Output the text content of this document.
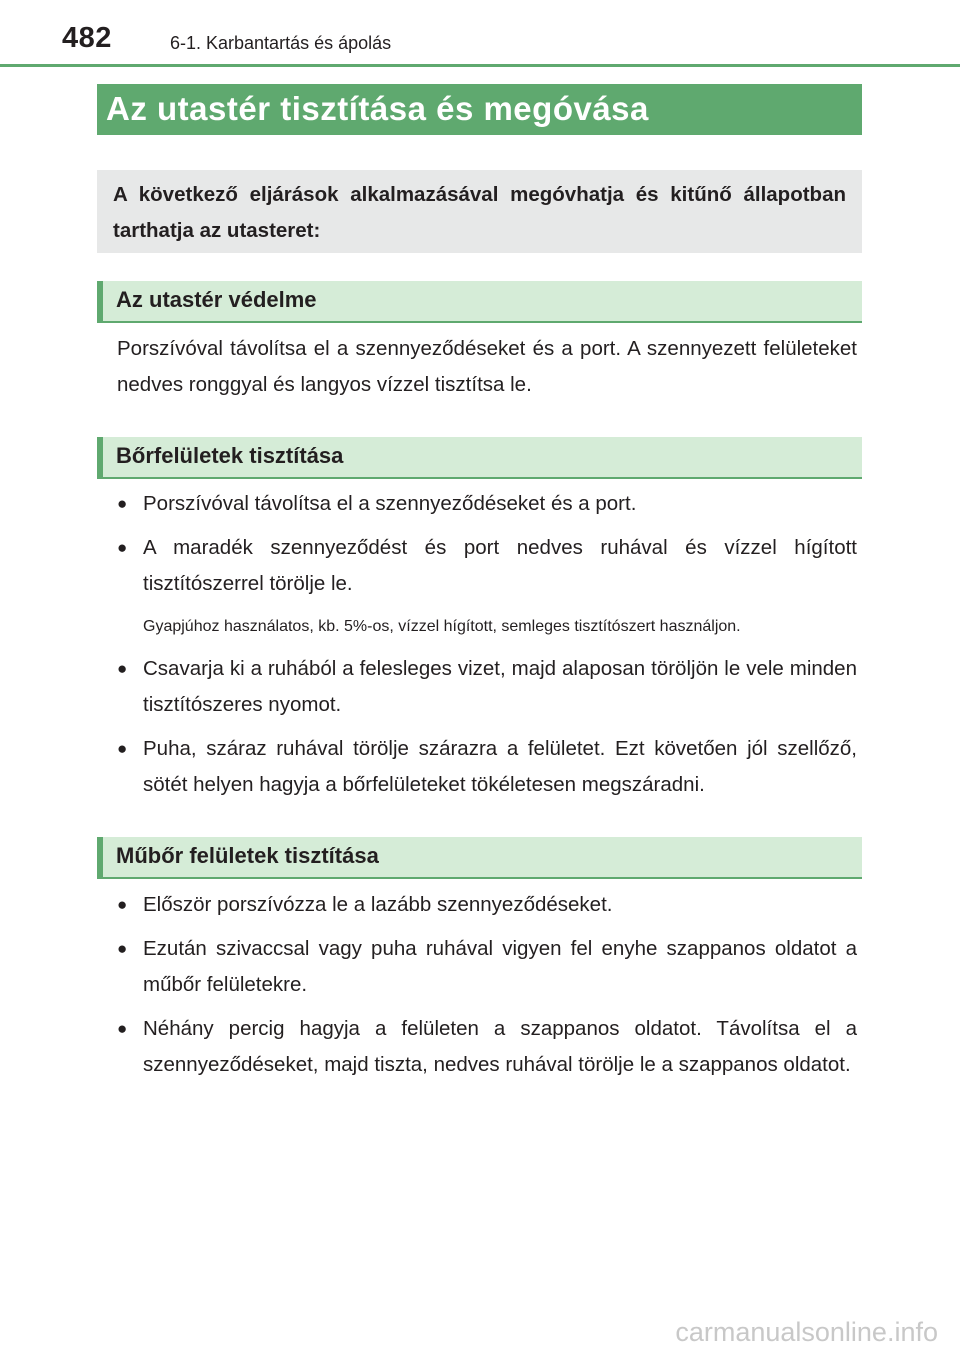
482	6-1. Karbantartás és ápolás
Az utastér tisztítása és megóvása
A következő eljárások alkalmazásával megóvhatja és kitűnő állapotban tarthatja az utasteret:
Az utastér védelme
Porszívóval távolítsa el a szennyeződéseket és a port. A szennyezett felületeket nedves ronggyal és langyos vízzel tisztítsa le.
Bőrfelületek tisztítása
● Porszívóval távolítsa el a szennyeződéseket és a port.
● A maradék szennyeződést és port nedves ruhával és vízzel hígított tisztítószerrel törölje le.
Gyapjúhoz használatos, kb. 5%-os, vízzel hígított, semleges tisztítószert használjon.
● Csavarja ki a ruhából a felesleges vizet, majd alaposan töröljön le vele minden tisztítószeres nyomot.
● Puha, száraz ruhával törölje szárazra a felületet. Ezt követően jól szellőző, sötét helyen hagyja a bőrfelületeket tökéletesen megszáradni.
Műbőr felületek tisztítása
● Először porszívózza le a lazább szennyeződéseket.
● Ezután szivaccsal vagy puha ruhával vigyen fel enyhe szappanos oldatot a műbőr felületekre.
● Néhány percig hagyja a felületen a szappanos oldatot. Távolítsa el a szennyeződéseket, majd tiszta, nedves ruhával törölje le a szappanos oldatot.
carmanualsonline.info
